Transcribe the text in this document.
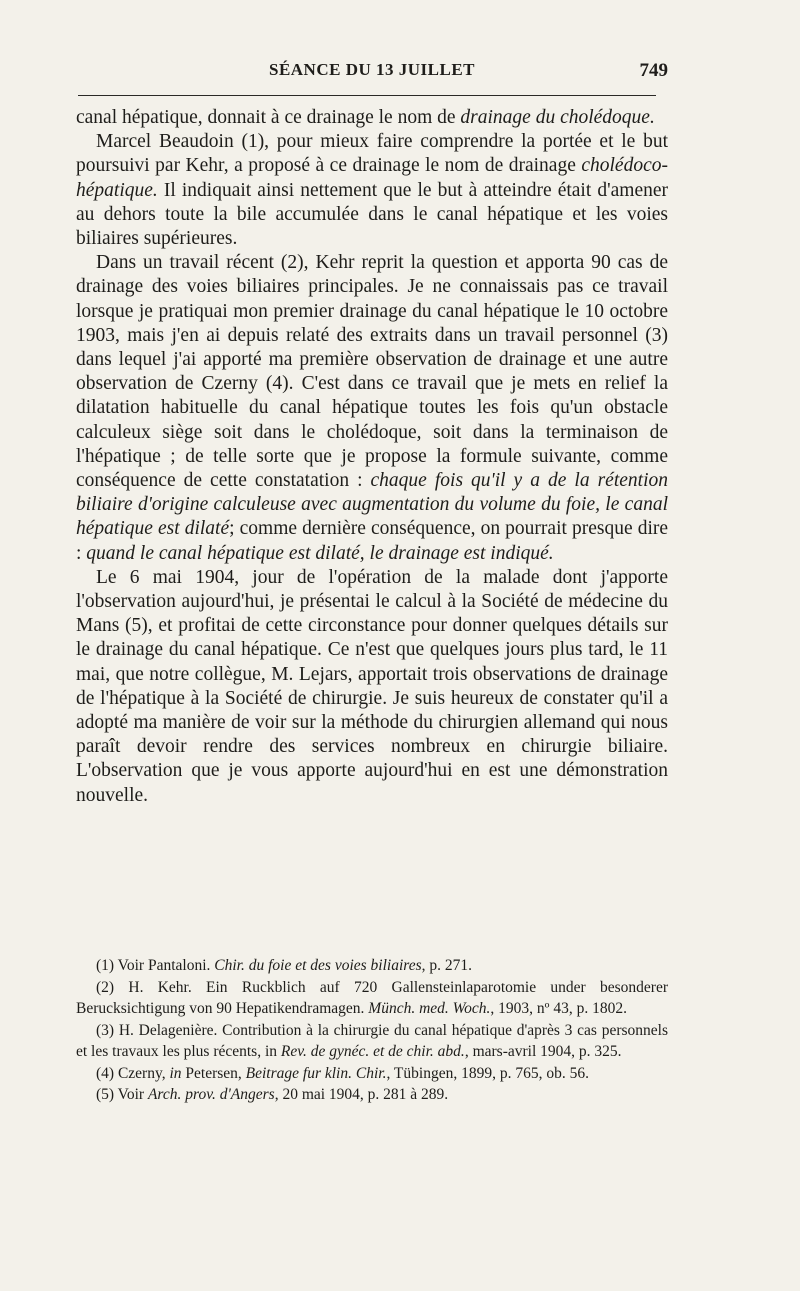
SÉANCE DU 13 JUILLET	749

canal hépatique, donnait à ce drainage le nom de drainage du cholédoque.

Marcel Beaudoin (1), pour mieux faire comprendre la portée et le but poursuivi par Kehr, a proposé à ce drainage le nom de drainage cholédoco-hépatique. Il indiquait ainsi nettement que le but à atteindre était d'amener au dehors toute la bile accumulée dans le canal hépatique et les voies biliaires supérieures.

Dans un travail récent (2), Kehr reprit la question et apporta 90 cas de drainage des voies biliaires principales. Je ne connaissais pas ce travail lorsque je pratiquai mon premier drainage du canal hépatique le 10 octobre 1903, mais j'en ai depuis relaté des extraits dans un travail personnel (3) dans lequel j'ai apporté ma première observation de drainage et une autre observation de Czerny (4). C'est dans ce travail que je mets en relief la dilatation habituelle du canal hépatique toutes les fois qu'un obstacle calculeux siège soit dans le cholédoque, soit dans la terminaison de l'hépatique ; de telle sorte que je propose la formule suivante, comme conséquence de cette constatation : chaque fois qu'il y a de la rétention biliaire d'origine calculeuse avec augmentation du volume du foie, le canal hépatique est dilaté; comme dernière conséquence, on pourrait presque dire : quand le canal hépatique est dilaté, le drainage est indiqué.

Le 6 mai 1904, jour de l'opération de la malade dont j'apporte l'observation aujourd'hui, je présentai le calcul à la Société de médecine du Mans (5), et profitai de cette circonstance pour donner quelques détails sur le drainage du canal hépatique. Ce n'est que quelques jours plus tard, le 11 mai, que notre collègue, M. Lejars, apportait trois observations de drainage de l'hépatique à la Société de chirurgie. Je suis heureux de constater qu'il a adopté ma manière de voir sur la méthode du chirurgien allemand qui nous paraît devoir rendre des services nombreux en chirurgie biliaire. L'observation que je vous apporte aujourd'hui en est une démonstration nouvelle.

(1) Voir Pantaloni. Chir. du foie et des voies biliaires, p. 271.

(2) H. Kehr. Ein Ruckblich auf 720 Gallensteinlaparotomie under besonderer Berucksichtigung von 90 Hepatikendramagen. Münch. med. Woch., 1903, nº 43, p. 1802.

(3) H. Delagenière. Contribution à la chirurgie du canal hépatique d'après 3 cas personnels et les travaux les plus récents, in Rev. de gynéc. et de chir. abd., mars-avril 1904, p. 325.

(4) Czerny, in Petersen, Beitrage fur klin. Chir., Tübingen, 1899, p. 765, ob. 56.

(5) Voir Arch. prov. d'Angers, 20 mai 1904, p. 281 à 289.
